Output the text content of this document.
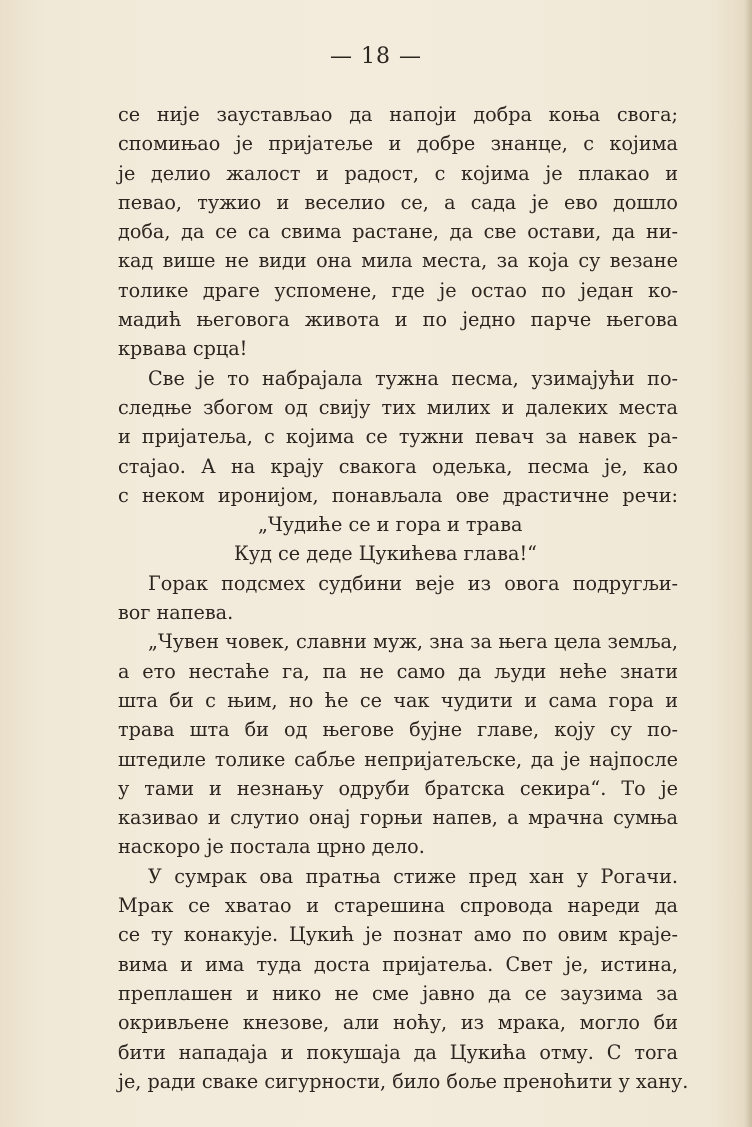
— 18 —
се није заустављао да напоји добра коња свога;
спомињао је пријатеље и добре знанце, с којима
је делио жалост и радост, с којима је плакао и
певао, тужио и веселио се, а сада је ево дошло
доба, да се са свима растане, да све остави, да ни-
кад више не види она мила места, за која су везане
толике драге успомене, где је остао по један ко-
мадић његовога живота и по једно парче његова
крвава срца!
Све је то набрајала тужна песма, узимајући по-
следње збогом од свију тих милих и далеких места
и пријатеља, с којима се тужни певач за навек ра-
стајао. А на крају свакога одељка, песма је, као
с неком иронијом, понављала ове драстичне речи:
„Чудиће се и гора и трава
Куд се деде Цукићева глава!“
Горак подсмех судбини веје из овога подругљи-
вог напева.
„Чувен човек, славни муж, зна за њега цела земља,
а ето нестаће га, па не само да људи неће знати
шта би с њим, но ће се чак чудити и сама гора и
трава шта би од његове бујне главе, коју су по-
штедиле толике сабље непријатељске, да је најпосле
у тами и незнању одруби братска секира“. То је
казивао и слутио онај горњи напев, а мрачна сумња
наскоро је постала црно дело.
У сумрак ова пратња стиже пред хан у Рогачи.
Мрак се хватао и старешина спровода нареди да
се ту конакује. Цукић је познат амо по овим краје-
вима и има туда доста пријатеља. Свет је, истина,
преплашен и нико не сме јавно да се заузима за
окривљене кнезове, али ноћу, из мрака, могло би
бити нападаја и покушаја да Цукића отму. С тога
је, ради сваке сигурности, било боље преноћити у хану.
